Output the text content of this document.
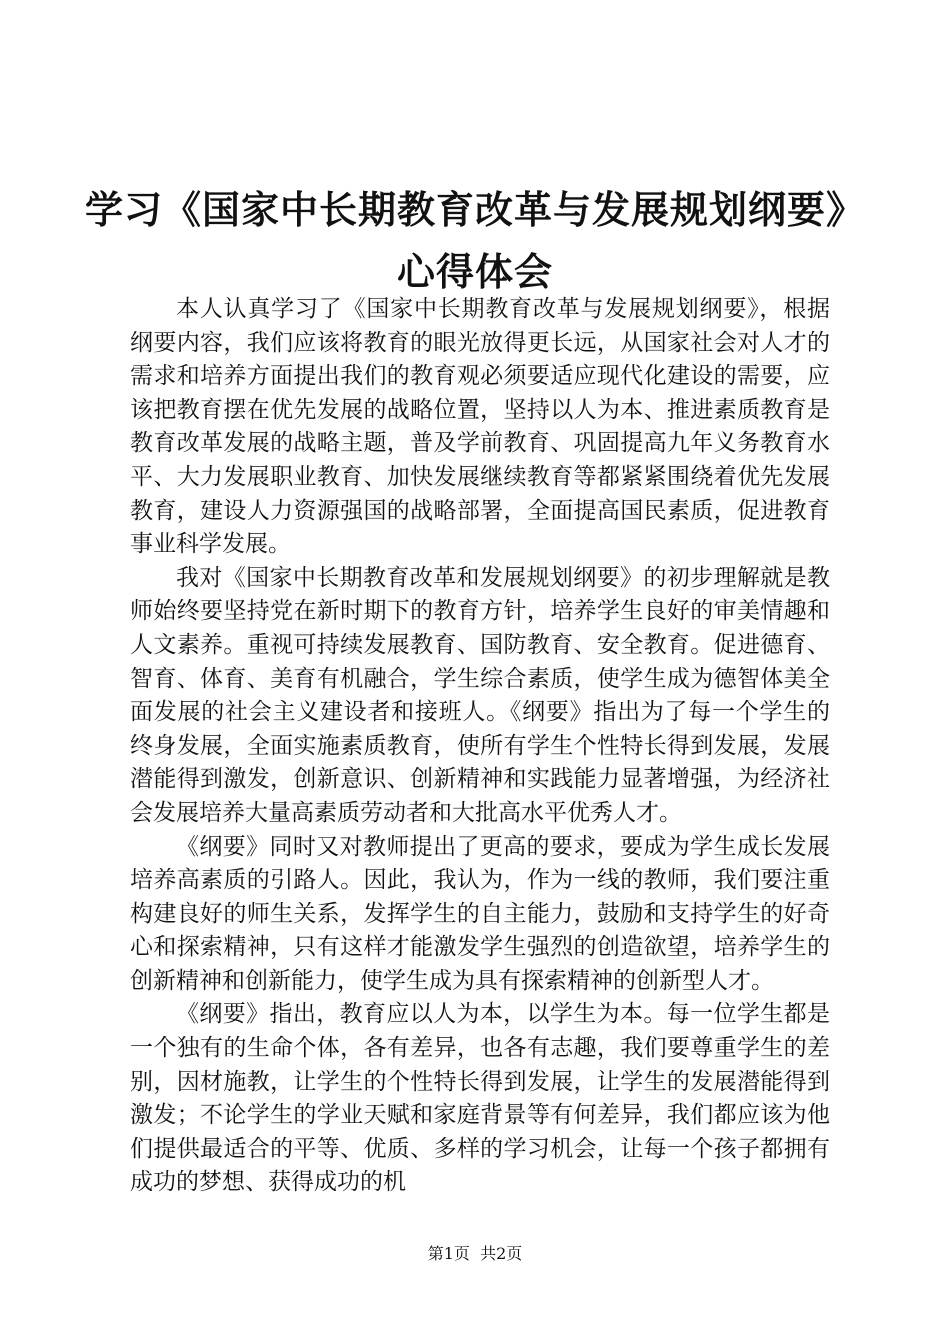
学习《国家中长期教育改革与发展规划纲要》
心得体会

本人认真学习了《国家中长期教育改革与发展规划纲要》，根据纲要内容，我们应该将教育的眼光放得更长远，从国家社会对人才的需求和培养方面提出我们的教育观必须要适应现代化建设的需要，应该把教育摆在优先发展的战略位置，坚持以人为本、推进素质教育是教育改革发展的战略主题，普及学前教育、巩固提高九年义务教育水平、大力发展职业教育、加快发展继续教育等都紧紧围绕着优先发展教育，建设人力资源强国的战略部署，全面提高国民素质，促进教育事业科学发展。

我对《国家中长期教育改革和发展规划纲要》的初步理解就是教师始终要坚持党在新时期下的教育方针，培养学生良好的审美情趣和人文素养。重视可持续发展教育、国防教育、安全教育。促进德育、智育、体育、美育有机融合，学生综合素质，使学生成为德智体美全面发展的社会主义建设者和接班人。《纲要》指出为了每一个学生的终身发展，全面实施素质教育，使所有学生个性特长得到发展，发展潜能得到激发，创新意识、创新精神和实践能力显著增强，为经济社会发展培养大量高素质劳动者和大批高水平优秀人才。

《纲要》同时又对教师提出了更高的要求，要成为学生成长发展培养高素质的引路人。因此，我认为，作为一线的教师，我们要注重构建良好的师生关系，发挥学生的自主能力，鼓励和支持学生的好奇心和探索精神，只有这样才能激发学生强烈的创造欲望，培养学生的创新精神和创新能力，使学生成为具有探索精神的创新型人才。

《纲要》指出，教育应以人为本，以学生为本。每一位学生都是一个独有的生命个体，各有差异，也各有志趣，我们要尊重学生的差别，因材施教，让学生的个性特长得到发展，让学生的发展潜能得到激发；不论学生的学业天赋和家庭背景等有何差异，我们都应该为他们提供最适合的平等、优质、多样的学习机会，让每一个孩子都拥有成功的梦想、获得成功的机

第1页 共2页
